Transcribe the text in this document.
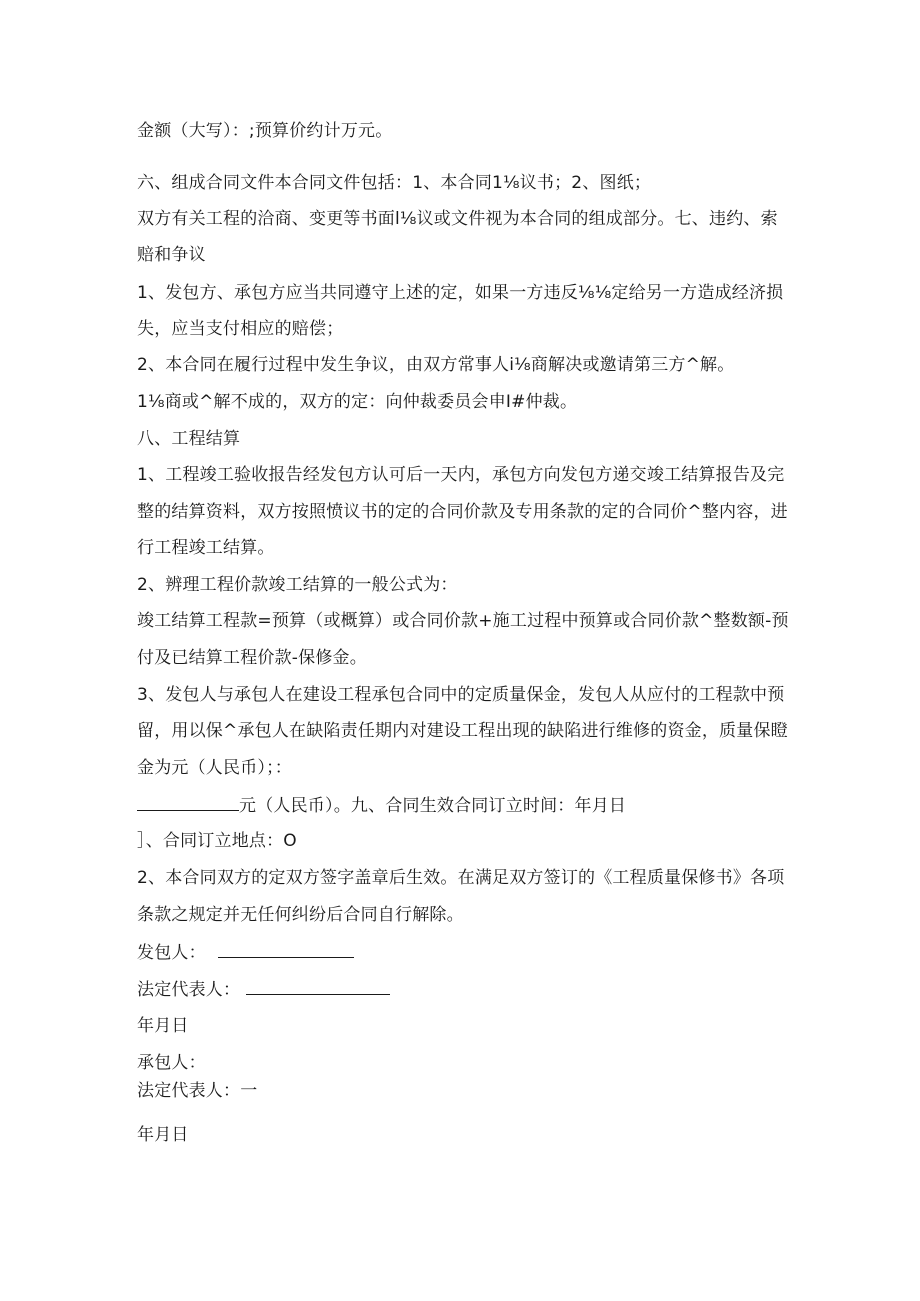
金额（大写）：;预算价约计万元。
六、组成合同文件本合同文件包括：1、本合同1⅛议书；2、图纸；
双方有关工程的洽商、变更等书面l⅛议或文件视为本合同的组成部分。七、违约、索
赔和争议
1、发包方、承包方应当共同遵守上述的定，如果一方违反⅛⅛定给另一方造成经济损
失，应当支付相应的赔偿；
2、本合同在履行过程中发生争议，由双方常事人i⅛商解决或邀请第三方^解。
1⅛商或^解不成的，双方的定：向仲裁委员会申I#仲裁。
八、工程结算
1、工程竣工验收报告经发包方认可后一天内，承包方向发包方递交竣工结算报告及完
整的结算资料，双方按照愤议书的定的合同价款及专用条款的定的合同价^整内容，进
行工程竣工结算。
2、辨理工程价款竣工结算的一般公式为：
竣工结算工程款=预算（或概算）或合同价款+施工过程中预算或合同价款^整数额-预
付及已结算工程价款-保修金。
3、发包人与承包人在建设工程承包合同中的定质量保金，发包人从应付的工程款中预
留，用以保^承包人在缺陷责任期内对建设工程出现的缺陷进行维修的资金，质量保瞪
金为元（人民币）；：
元（人民币）。九、合同生效合同订立时间：年月日
］、合同订立地点：O
2、本合同双方的定双方签字盖章后生效。在满足双方签订的《工程质量保修书》各项
条款之规定并无任何纠纷后合同自行解除。
发包人：
法定代表人：
年月日
承包人：
法定代表人：一
年月日
